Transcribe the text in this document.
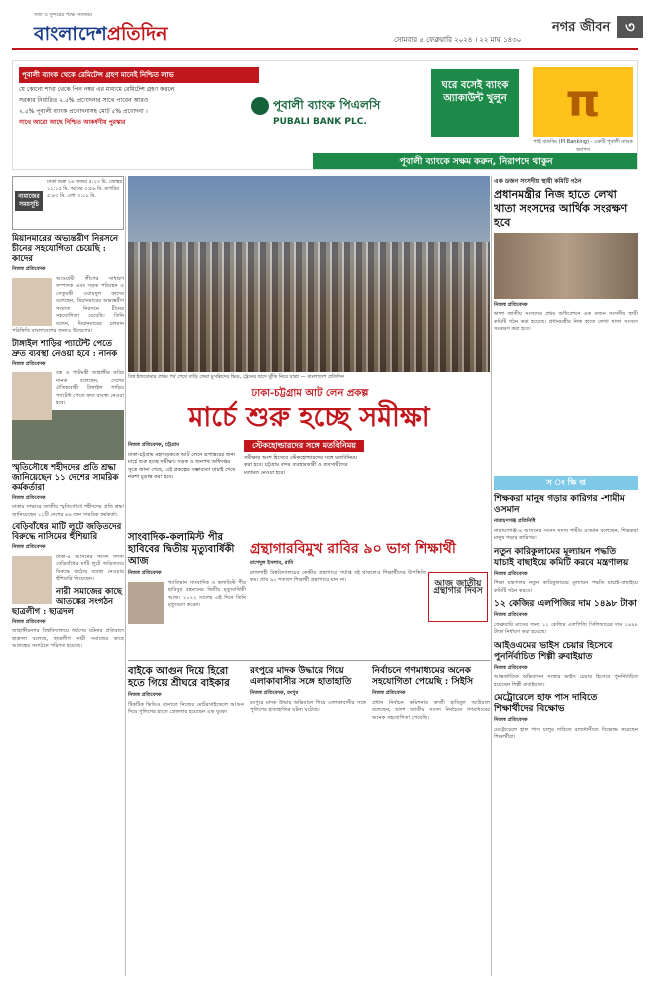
সত্য ও সুন্দরের পক্ষে সবসময়
বাংলাদেশপ্রতিদিন	সোমবার ৫ ফেব্রুয়ারি ২০২৪ । ২২ মাঘ ১৪৩০
নগর জীবন ৩
পূবালী ব্যাংক থেকে রেমিটেন্স গ্রহণ মানেই নিশ্চিত লাভ
যে কোনো শাখা থেকে পিন নম্বর এর মাধ্যমে রেমিটেন্স গ্রহণ করলে
সরকার নির্ধারিত ২.৫% প্রণোদনার সাথে পাবেন আরও
২.৫% পূবালী ব্যাংক প্রণোদনাসহ মোট ৫% প্রণোদনা ।
সাথে আরো আছে নিশ্চিত আকর্ষণীয় পুরস্কার
পূবালী ব্যাংক পিএলসি
PUBALI BANK PLC.
ঘরে বসেই ব্যাংক অ্যাকাউন্ট খুলুন	π
পাই ব্যাংকিং (PI Banking) - একটি পূবালী ব্যাংক অ্যাপস
পূবালী ব্যাংকে সক্ষম করুন, নিরাপদে থাকুন
নামাজের সময়সূচি
ঢাকা শুক্র ২৬ ফজর ৫:২৩ মি. জোহর ১২:১৫ মি. আসর ৩:৫৬ মি. মাগরিব ৫:৪৩ মি. এশা ৭:০০ মি.
মিয়ানমারের অভ্যন্তরীণ নিরসনে চীনের সহযোগিতা চেয়েছি : কাদের
নিজস্ব প্রতিবেদক

আওয়ামী লীগের সাধারণ সম্পাদক এবং সড়ক পরিবহন ও সেতুমন্ত্রী ওবায়দুল কাদের বলেছেন, মিয়ানমারের অভ্যন্তরীণ সংঘাত নিরসনে চীনের সহযোগিতা চেয়েছি। তিনি বলেন, মিয়ানমারের চলমান পরিস্থিতি বাংলাদেশের জন্যও উদ্বেগের।

টাঙ্গাইল শাড়ির প্যাটেন্ট পেতে দ্রুত ব্যবস্থা নেওয়া হবে : নানক
নিজস্ব প্রতিবেদক

বস্ত্র ও পাটমন্ত্রী জাহাঙ্গীর কবির নানক বলেছেন, দেশের ঐতিহ্যবাহী টাঙ্গাইল শাড়ির প্যাটেন্ট পেতে দ্রুত ব্যবস্থা নেওয়া হবে।

স্মৃতিসৌধে শহীদদের প্রতি শ্রদ্ধা জানিয়েছেন ১১ দেশের সামরিক কর্মকর্তারা
নিজস্ব প্রতিবেদক

ঢাকার সাভারে জাতীয় স্মৃতিসৌধে শহীদদের প্রতি শ্রদ্ধা জানিয়েছেন ১১টি দেশের ৪৬ জন সামরিক কর্মকর্তা।

বেড়িবাঁধের মাটি লুটে জড়িতদের বিরুদ্ধে নাসিমের হুঁশিয়ারি
নিজস্ব প্রতিবেদক

ঢাকা-৪ আসনের সংসদ সদস্য বেড়িবাঁধের মাটি লুটে জড়িতদের বিরুদ্ধে কঠোর ব্যবস্থা নেওয়ার হুঁশিয়ারি দিয়েছেন।

নারী সমাজের কাছে আতঙ্কের সংগঠন ছাত্রলীগ : ছাত্রদল
নিজস্ব প্রতিবেদক

জাহাঙ্গীরনগর বিশ্ববিদ্যালয়ে ধর্ষণের ঘটনার প্রতিবাদে ছাত্রদল বলেছে, ছাত্রলীগ নারী সমাজের কাছে আতঙ্কের সংগঠনে পরিণত হয়েছে।

বিশ্ব ইজতেমার প্রথম পর্ব শেষে বাড়ি ফেরা মুসল্লিদের ভিড়, ট্রেনের ছাদে ঝুঁকি নিয়ে যাত্রা — বাংলাদেশ প্রতিদিন
ঢাকা-চট্টগ্রাম আট লেন প্রকল্প
মার্চে শুরু হচ্ছে সমীক্ষা
নিজস্ব প্রতিবেদক, চট্টগ্রাম

ঢাকা-চট্টগ্রাম মহাসড়ককে আট লেনে রূপান্তরের জন্য মার্চে শুরু হচ্ছে সমীক্ষা। সড়ক ও জনপথ অধিদপ্তর সূত্রে জানা গেছে, এই প্রকল্পের সম্ভাব্যতা যাচাই শেষে নকশা চূড়ান্ত করা হবে।

স্টেকহোল্ডারদের সঙ্গে মতবিনিময়

সমীক্ষার অংশ হিসেবে স্টেকহোল্ডারদের সঙ্গে মতবিনিময় করা হবে। চট্টগ্রাম বন্দর ব্যবহারকারী ও ব্যবসায়ীদের মতামত নেওয়া হবে।

সাংবাদিক-কলামিস্ট পীর হাবিবের দ্বিতীয় মৃত্যুবার্ষিকী আজ
নিজস্ব প্রতিবেদক

খ্যাতিমান সাংবাদিক ও কলামিস্ট পীর হাবিবুর রহমানের দ্বিতীয় মৃত্যুবার্ষিকী আজ। ২০২২ সালের এই দিনে তিনি মৃত্যুবরণ করেন।

গ্রন্থাগারবিমুখ রাবির ৯০ ভাগ শিক্ষার্থী
রাশেদুল ইসলাম, রাবি
আজ জাতীয় গ্রন্থাগার দিবস

রাজশাহী বিশ্ববিদ্যালয়ের কেন্দ্রীয় গ্রন্থাগারে পর্যাপ্ত বই থাকলেও শিক্ষার্থীদের উপস্থিতি কম। প্রায় ৯০ শতাংশ শিক্ষার্থী গ্রন্থাগারে যান না।

বাইকে আগুন দিয়ে হিরো হতে গিয়ে শ্রীঘরে বাইকার
নিজস্ব প্রতিবেদক

টিকটিক ভিডিও বানাতে নিজের মোটরসাইকেলে আগুন দিয়ে পুলিশের হাতে গ্রেফতার হয়েছেন এক যুবক।

রংপুরে মাদক উদ্ধারে গিয়ে এলাকাবাসীর সঙ্গে হাতাহাতি
নিজস্ব প্রতিবেদক, রংপুর

রংপুরে মাদক উদ্ধার অভিযানে গিয়ে এলাকাবাসীর সঙ্গে পুলিশের হাতাহাতির ঘটনা ঘটেছে।

নির্বাচনে গণমাধ্যমের অনেক সহযোগিতা পেয়েছি : সিইসি
নিজস্ব প্রতিবেদক

প্রধান নির্বাচন কমিশনার কাজী হাবিবুল আউয়াল বলেছেন, দ্বাদশ জাতীয় সংসদ নির্বাচনে গণমাধ্যমের অনেক সহযোগিতা পেয়েছি।

এক ডজন সংসদীয় স্থায়ী কমিটি গঠন
প্রধানমন্ত্রীর নিজ হাতে লেখা খাতা সংসদের আর্থিক সংরক্ষণ হবে
নিজস্ব প্রতিবেদক

দ্বাদশ জাতীয় সংসদের প্রথম অধিবেশনে এক ডজন সংসদীয় স্থায়ী কমিটি গঠন করা হয়েছে। প্রধানমন্ত্রীর নিজ হাতে লেখা খাতা সংসদে সংরক্ষণ করা হবে।

স ং ক্ষি প্ত
শিক্ষকরা মানুষ গড়ার কারিগর -শামীম ওসমান
নারায়ণগঞ্জ প্রতিনিধি

নারায়ণগঞ্জ-৪ আসনের সংসদ সদস্য শামীম ওসমান বলেছেন, শিক্ষকরা মানুষ গড়ার কারিগর।

নতুন কারিকুলামের মূল্যায়ন পদ্ধতি যাচাই বাছাইয়ে কমিটি করবে মন্ত্রণালয়
নিজস্ব প্রতিবেদক

শিক্ষা মন্ত্রণালয় নতুন কারিকুলামের মূল্যায়ন পদ্ধতি যাচাই-বাছাইয়ে কমিটি গঠন করবে।

১২ কেজির এলপিজির দাম ১৪৯৮ টাকা
নিজস্ব প্রতিবেদক

ফেব্রুয়ারি মাসের জন্য ১২ কেজির এলপিজি সিলিন্ডারের দাম ১৪৯৮ টাকা নির্ধারণ করা হয়েছে।

আইওএমের ভাইস চেয়ার হিসেবে পুনর্নির্বাচিত শিল্পী রুবাইয়াত
নিজস্ব প্রতিবেদক

আন্তর্জাতিক অভিবাসন সংস্থার ভাইস চেয়ার হিসেবে পুনর্নির্বাচিত হয়েছেন শিল্পী রুবাইয়াত।

মেট্রোরেলে হাফ পাস দাবিতে শিক্ষার্থীদের বিক্ষোভ
নিজস্ব প্রতিবেদক

মেট্রোরেলে হাফ পাস চালুর দাবিতে রাজধানীতে বিক্ষোভ করেছেন শিক্ষার্থীরা।
